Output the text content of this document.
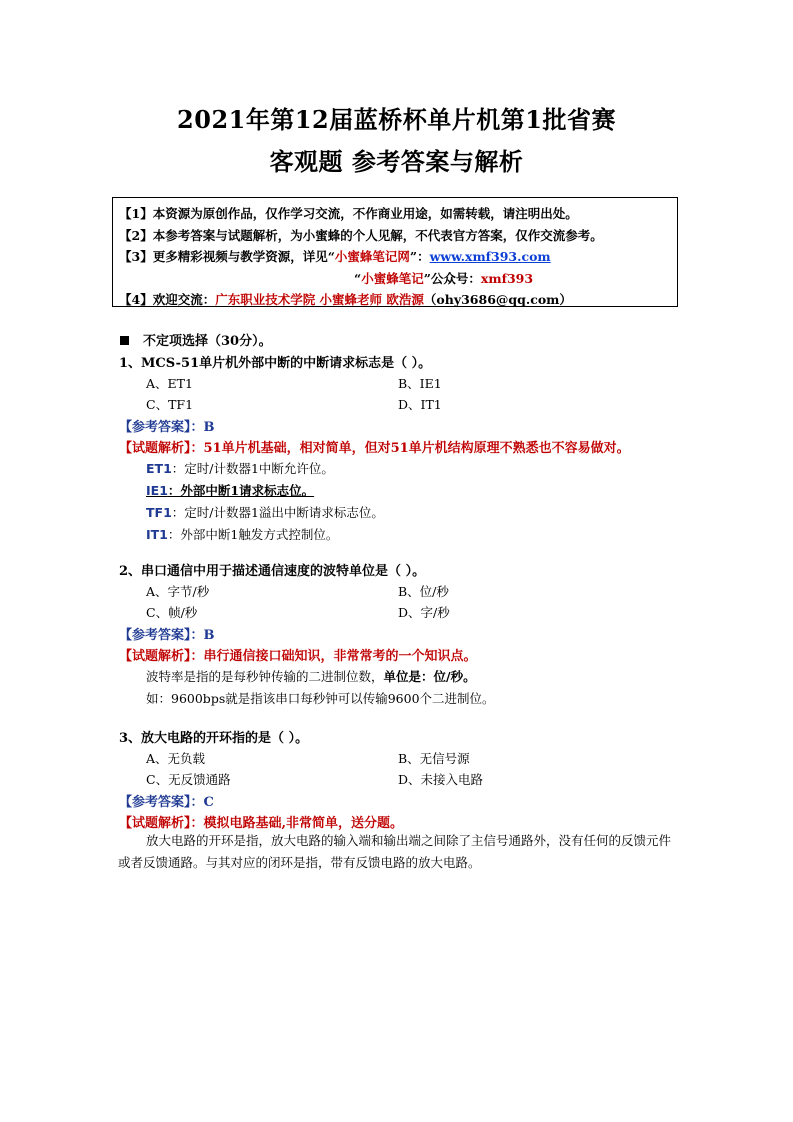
2021年第12届蓝桥杯单片机第1批省赛
客观题 参考答案与解析
【1】本资源为原创作品，仅作学习交流，不作商业用途，如需转载，请注明出处。
【2】本参考答案与试题解析，为小蜜蜂的个人见解，不代表官方答案，仅作交流参考。
【3】更多精彩视频与教学资源，详见“小蜜蜂笔记网”：www.xmf393.com
“小蜜蜂笔记”公众号：xmf393
【4】欢迎交流：广东职业技术学院 小蜜蜂老师 欧浩源（ohy3686@qq.com）
不定项选择（30分）。
1、MCS-51单片机外部中断的中断请求标志是（ ）。
A、ET1	B、IE1
C、TF1	D、IT1
【参考答案】：B
【试题解析】：51单片机基础，相对简单，但对51单片机结构原理不熟悉也不容易做对。
ET1：定时/计数器1中断允许位。
IE1：外部中断1请求标志位。
TF1：定时/计数器1溢出中断请求标志位。
IT1：外部中断1触发方式控制位。
2、串口通信中用于描述通信速度的波特单位是（ ）。
A、字节/秒	B、位/秒
C、帧/秒	D、字/秒
【参考答案】：B
【试题解析】：串行通信接口础知识，非常常考的一个知识点。
波特率是指的是每秒钟传输的二进制位数，单位是：位/秒。
如：9600bps就是指该串口每秒钟可以传输9600个二进制位。
3、放大电路的开环指的是（ ）。
A、无负载	B、无信号源
C、无反馈通路	D、未接入电路
【参考答案】：C
【试题解析】：模拟电路基础,非常简单，送分题。
放大电路的开环是指，放大电路的输入端和输出端之间除了主信号通路外，没有任何的反馈元件或者反馈通路。与其对应的闭环是指，带有反馈电路的放大电路。
